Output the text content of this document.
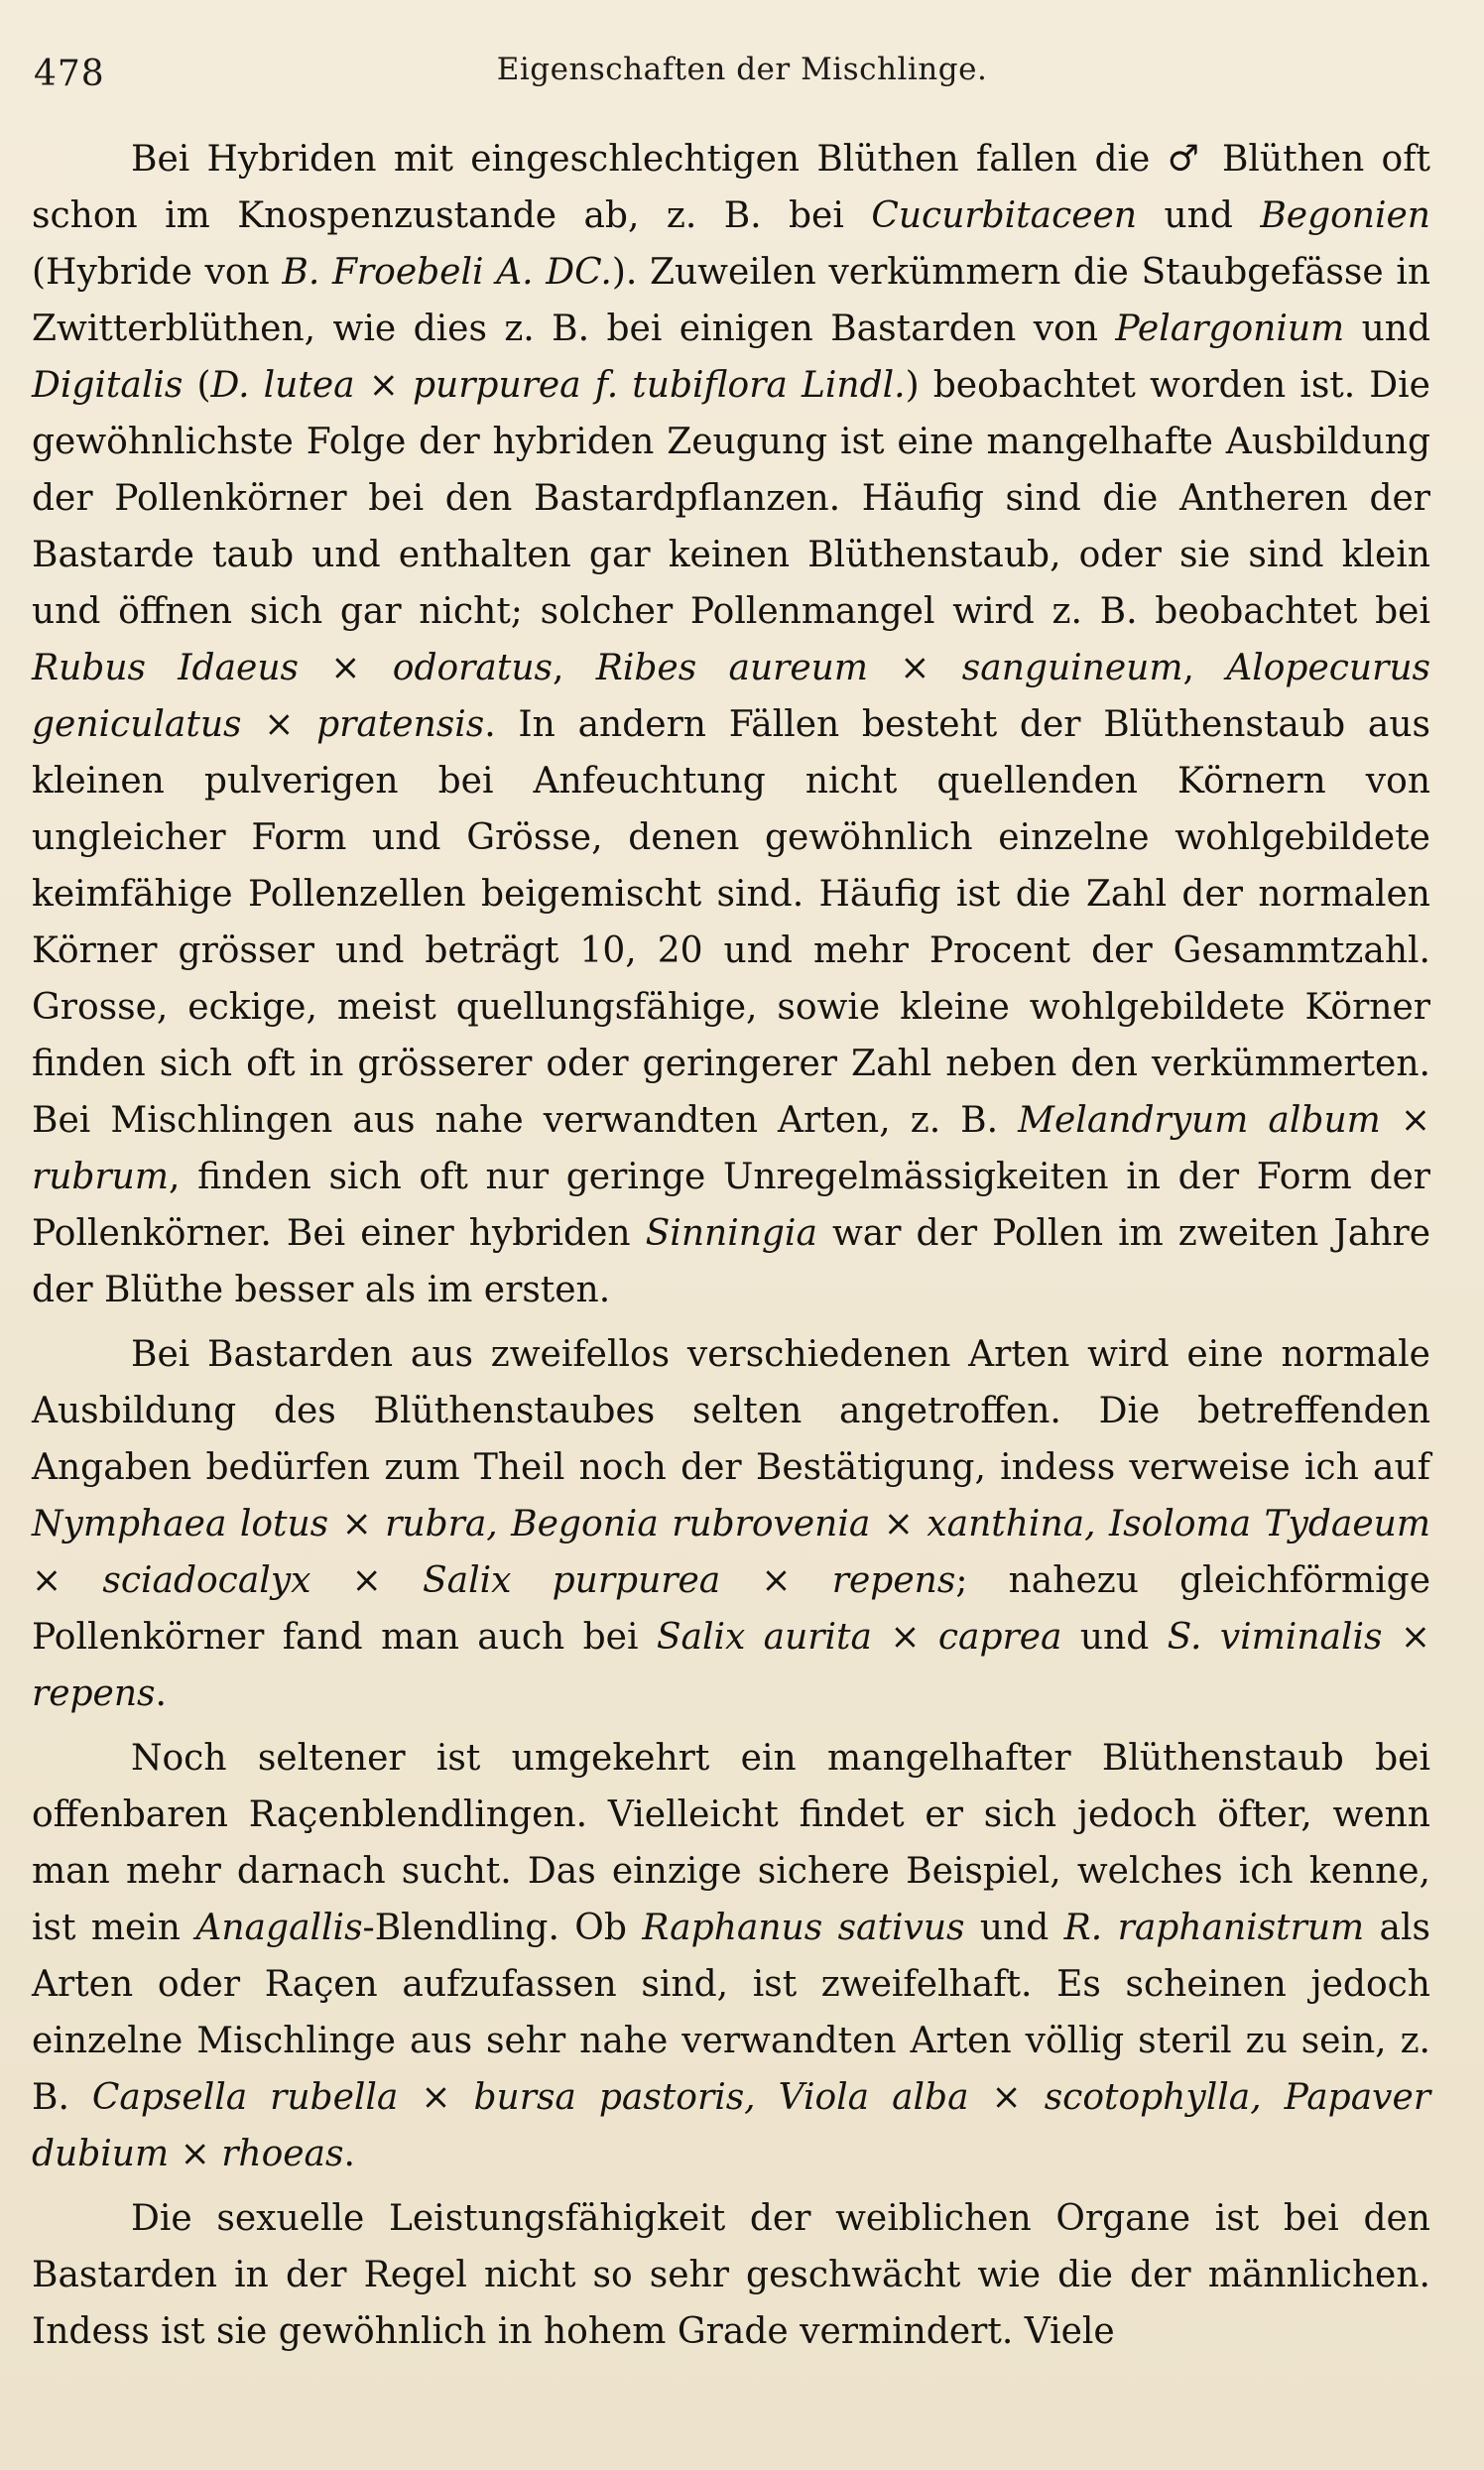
478	Eigenschaften der Mischlinge.

Bei Hybriden mit eingeschlechtigen Blüthen fallen die ♂ Blüthen oft schon im Knospenzustande ab, z. B. bei Cucurbitaceen und Begonien (Hybride von B. Froebeli A. DC.). Zuweilen verkümmern die Staubgefässe in Zwitterblüthen, wie dies z. B. bei einigen Bastarden von Pelargonium und Digitalis (D. lutea × purpurea f. tubiflora Lindl.) beobachtet worden ist. Die gewöhnlichste Folge der hybriden Zeugung ist eine mangelhafte Ausbildung der Pollenkörner bei den Bastardpflanzen. Häufig sind die Antheren der Bastarde taub und enthalten gar keinen Blüthenstaub, oder sie sind klein und öffnen sich gar nicht; solcher Pollenmangel wird z. B. beobachtet bei Rubus Idaeus × odoratus, Ribes aureum × sanguineum, Alopecurus geniculatus × pratensis. In andern Fällen besteht der Blüthenstaub aus kleinen pulverigen bei Anfeuchtung nicht quellenden Körnern von ungleicher Form und Grösse, denen gewöhnlich einzelne wohlgebildete keimfähige Pollenzellen beigemischt sind. Häufig ist die Zahl der normalen Körner grösser und beträgt 10, 20 und mehr Procent der Gesammtzahl. Grosse, eckige, meist quellungsfähige, sowie kleine wohlgebildete Körner finden sich oft in grösserer oder geringerer Zahl neben den verkümmerten. Bei Mischlingen aus nahe verwandten Arten, z. B. Melandryum album × rubrum, finden sich oft nur geringe Unregelmässigkeiten in der Form der Pollenkörner. Bei einer hybriden Sinningia war der Pollen im zweiten Jahre der Blüthe besser als im ersten.

Bei Bastarden aus zweifellos verschiedenen Arten wird eine normale Ausbildung des Blüthenstaubes selten angetroffen. Die betreffenden Angaben bedürfen zum Theil noch der Bestätigung, indess verweise ich auf Nymphaea lotus × rubra, Begonia rubrovenia × xanthina, Isoloma Tydaeum × sciadocalyx × Salix purpurea × repens; nahezu gleichförmige Pollenkörner fand man auch bei Salix aurita × caprea und S. viminalis × repens.

Noch seltener ist umgekehrt ein mangelhafter Blüthenstaub bei offenbaren Raçenblendlingen. Vielleicht findet er sich jedoch öfter, wenn man mehr darnach sucht. Das einzige sichere Beispiel, welches ich kenne, ist mein Anagallis-Blendling. Ob Raphanus sativus und R. raphanistrum als Arten oder Raçen aufzufassen sind, ist zweifelhaft. Es scheinen jedoch einzelne Mischlinge aus sehr nahe verwandten Arten völlig steril zu sein, z. B. Capsella rubella × bursa pastoris, Viola alba × scotophylla, Papaver dubium × rhoeas.

Die sexuelle Leistungsfähigkeit der weiblichen Organe ist bei den Bastarden in der Regel nicht so sehr geschwächt wie die der männlichen. Indess ist sie gewöhnlich in hohem Grade vermindert. Viele
